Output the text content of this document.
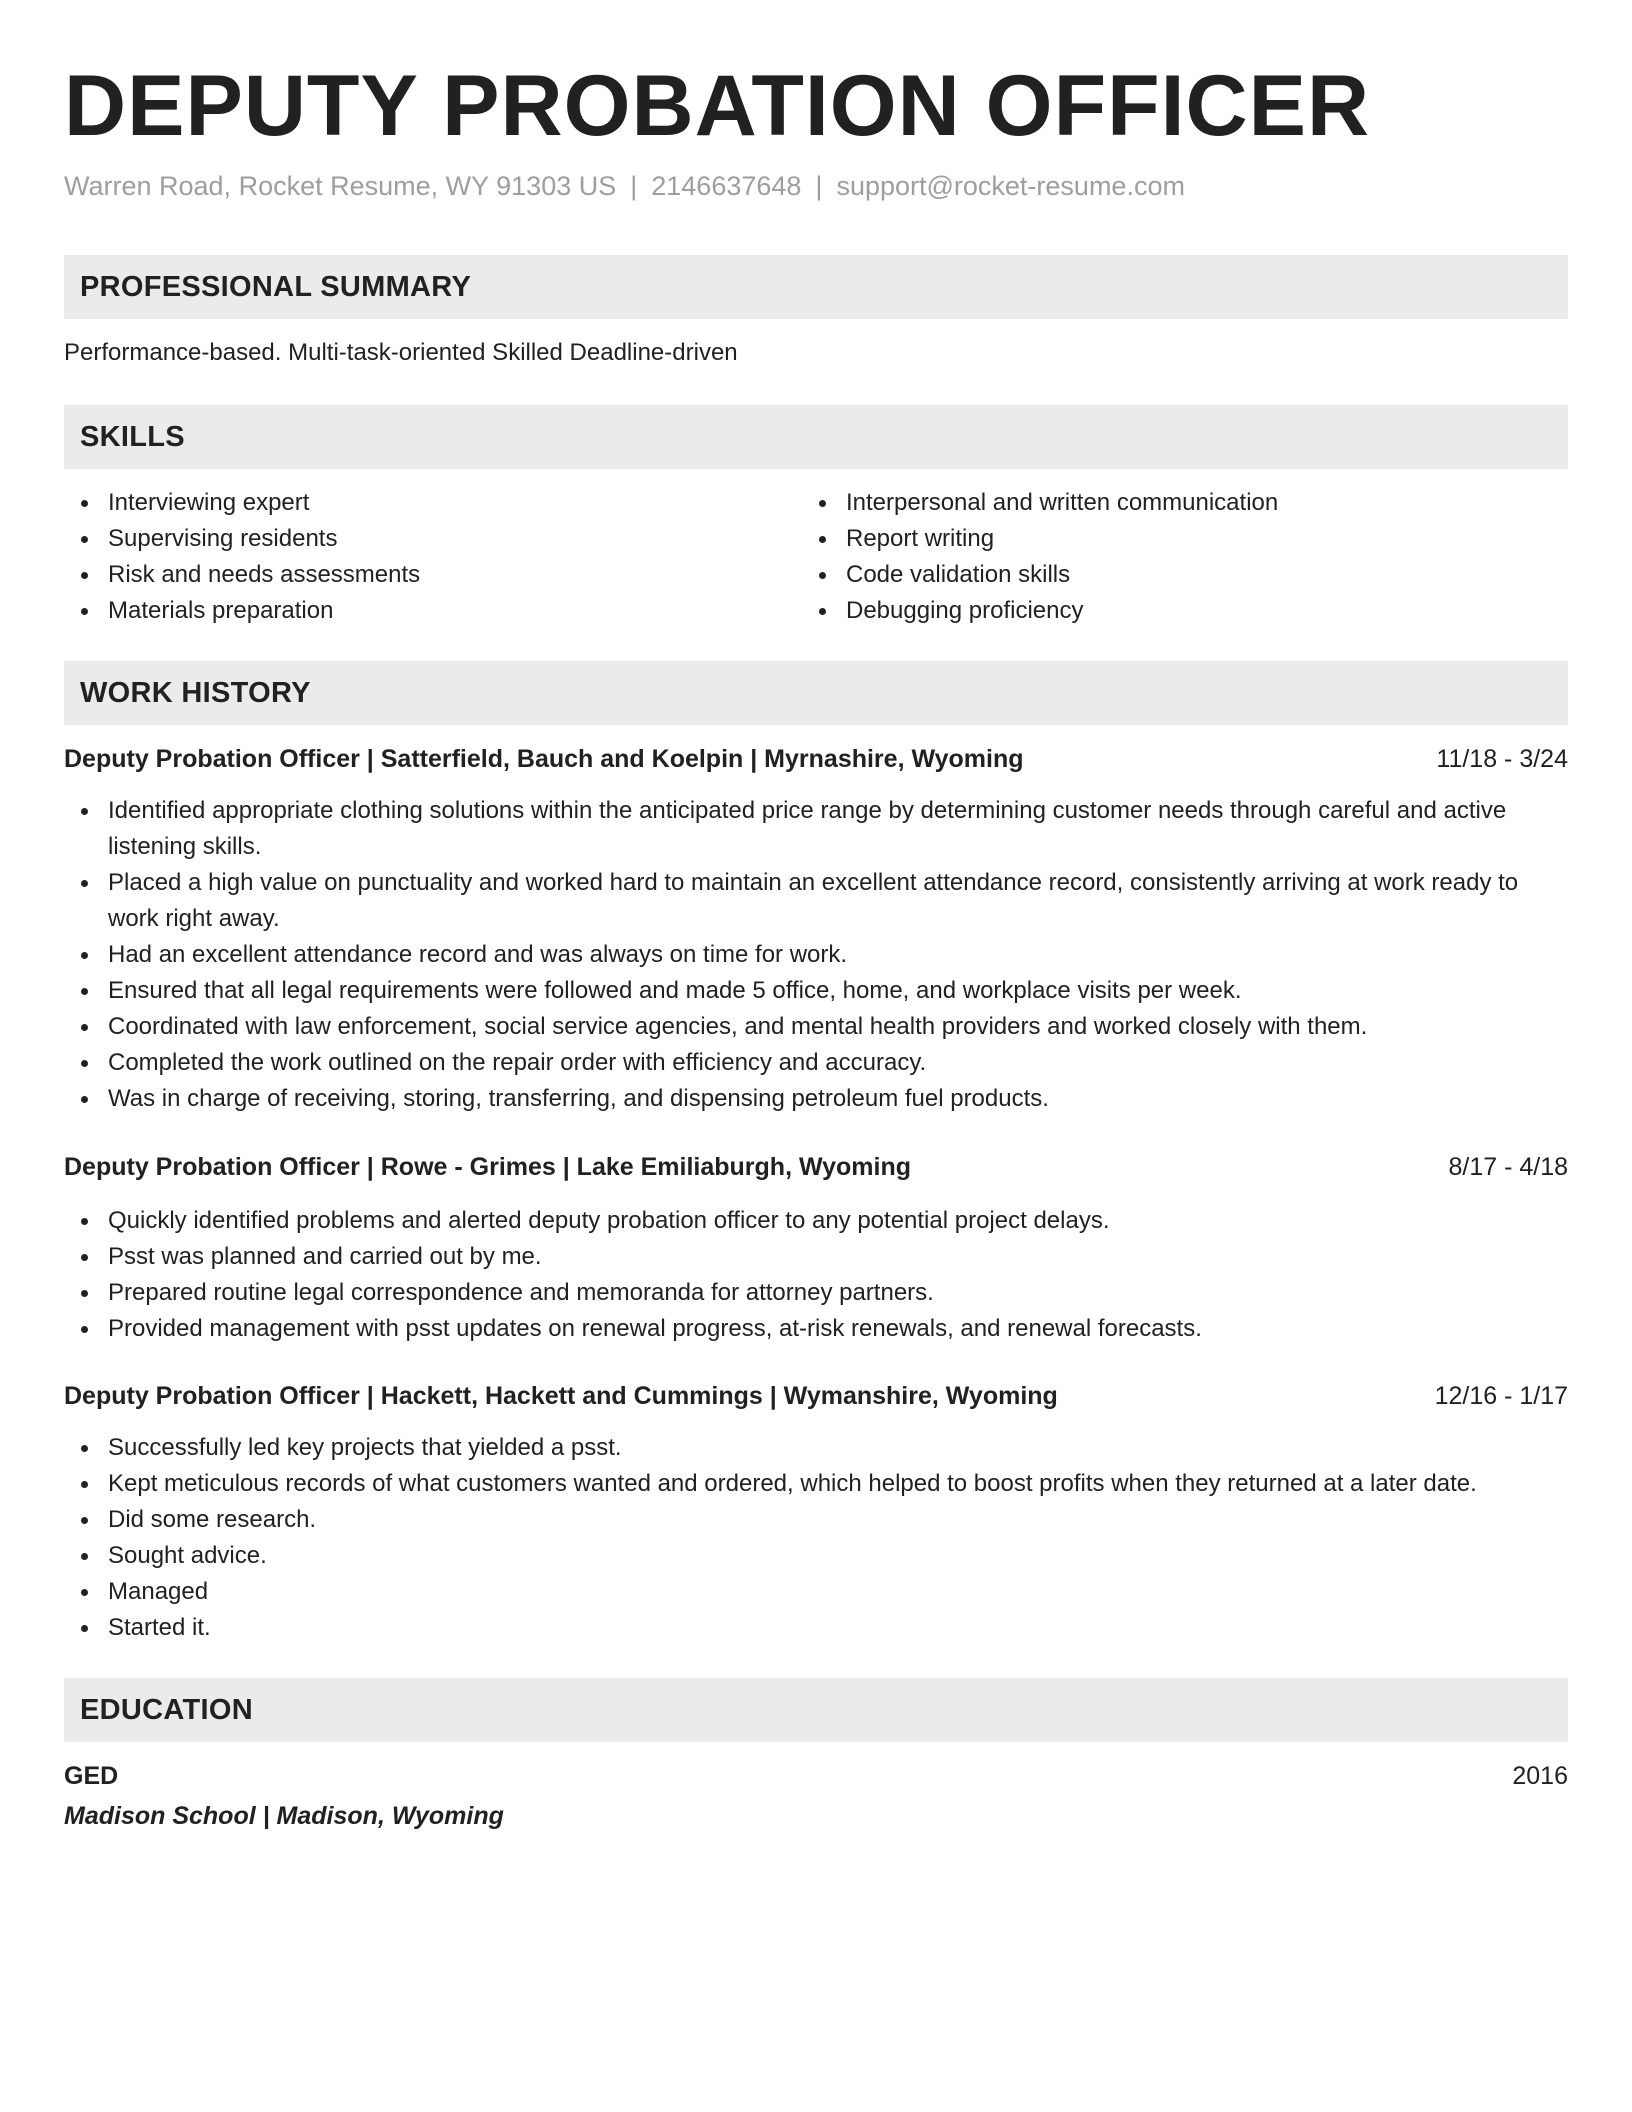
DEPUTY PROBATION OFFICER
Warren Road, Rocket Resume, WY 91303 US | 2146637648 | support@rocket-resume.com
PROFESSIONAL SUMMARY
Performance-based. Multi-task-oriented Skilled Deadline-driven
SKILLS
Interviewing expert
Supervising residents
Risk and needs assessments
Materials preparation
Interpersonal and written communication
Report writing
Code validation skills
Debugging proficiency
WORK HISTORY
Deputy Probation Officer | Satterfield, Bauch and Koelpin | Myrnashire, Wyoming	11/18 - 3/24
Identified appropriate clothing solutions within the anticipated price range by determining customer needs through careful and active listening skills.
Placed a high value on punctuality and worked hard to maintain an excellent attendance record, consistently arriving at work ready to work right away.
Had an excellent attendance record and was always on time for work.
Ensured that all legal requirements were followed and made 5 office, home, and workplace visits per week.
Coordinated with law enforcement, social service agencies, and mental health providers and worked closely with them.
Completed the work outlined on the repair order with efficiency and accuracy.
Was in charge of receiving, storing, transferring, and dispensing petroleum fuel products.
Deputy Probation Officer | Rowe - Grimes | Lake Emiliaburgh, Wyoming	8/17 - 4/18
Quickly identified problems and alerted deputy probation officer to any potential project delays.
Psst was planned and carried out by me.
Prepared routine legal correspondence and memoranda for attorney partners.
Provided management with psst updates on renewal progress, at-risk renewals, and renewal forecasts.
Deputy Probation Officer | Hackett, Hackett and Cummings | Wymanshire, Wyoming	12/16 - 1/17
Successfully led key projects that yielded a psst.
Kept meticulous records of what customers wanted and ordered, which helped to boost profits when they returned at a later date.
Did some research.
Sought advice.
Managed
Started it.
EDUCATION
GED	2016
Madison School | Madison, Wyoming
